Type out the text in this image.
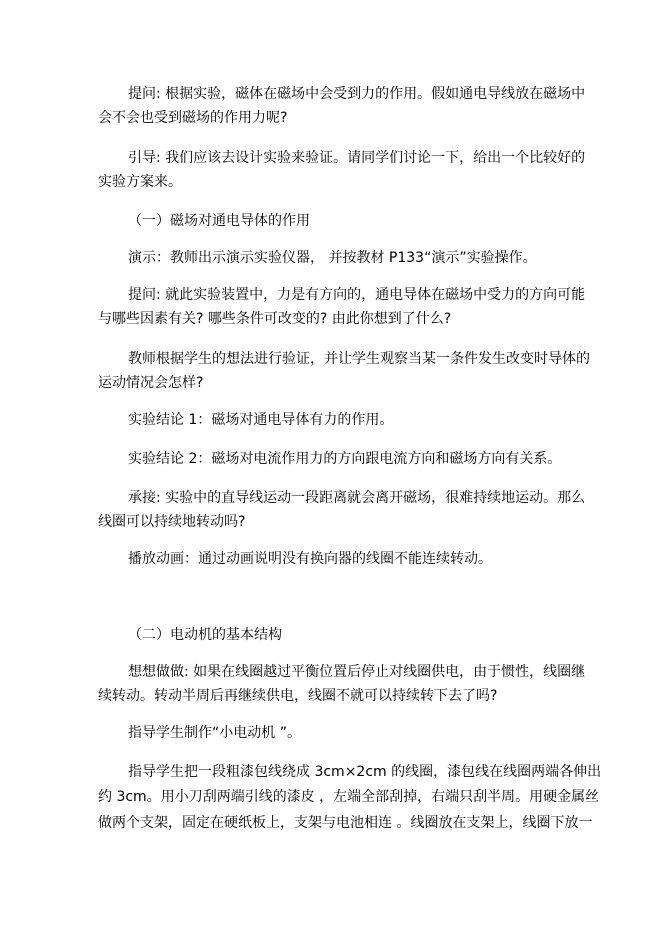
提问: 根据实验，磁体在磁场中会受到力的作用。假如通电导线放在磁场中
会不会也受到磁场的作用力呢?
引导: 我们应该去设计实验来验证。请同学们讨论一下，给出一个比较好的
实验方案来。
（一）磁场对通电导体的作用
演示：教师出示演示实验仪器， 并按教材 P133“演示”实验操作。
提问: 就此实验装置中，力是有方向的，通电导体在磁场中受力的方向可能
与哪些因素有关? 哪些条件可改变的? 由此你想到了什么?
教师根据学生的想法进行验证，并让学生观察当某一条件发生改变时导体的
运动情况会怎样?
实验结论 1：磁场对通电导体有力的作用。
实验结论 2：磁场对电流作用力的方向跟电流方向和磁场方向有关系。
承接: 实验中的直导线运动一段距离就会离开磁场，很难持续地运动。那么
线圈可以持续地转动吗?
播放动画：通过动画说明没有换向器的线圈不能连续转动。
（二）电动机的基本结构
想想做做: 如果在线圈越过平衡位置后停止对线圈供电，由于惯性，线圈继
续转动。转动半周后再继续供电，线圈不就可以持续转下去了吗?
指导学生制作“小电动机 ”。
指导学生把一段粗漆包线绕成 3cm×2cm 的线圈，漆包线在线圈两端各伸出
约 3cm。用小刀刮两端引线的漆皮 ，左端全部刮掉，右端只刮半周。用硬金属丝
做两个支架，固定在硬纸板上，支架与电池相连 。线圈放在支架上，线圈下放一
